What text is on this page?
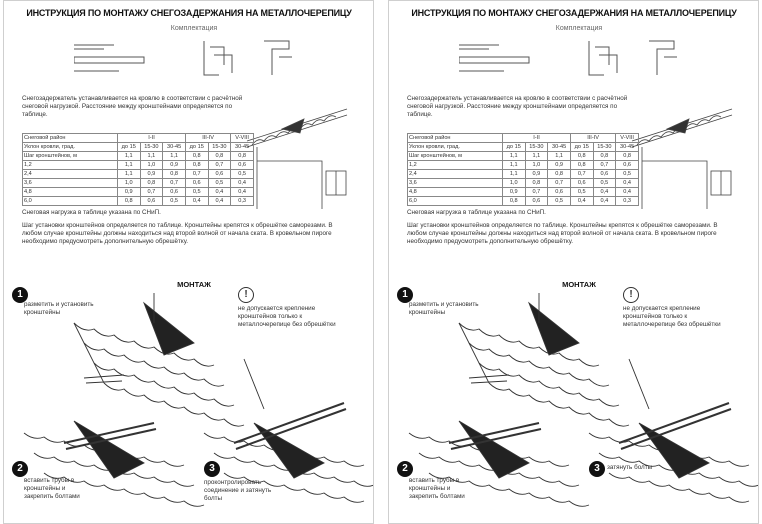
ИНСТРУКЦИЯ ПО МОНТАЖУ СНЕГОЗАДЕРЖАНИЯ НА МЕТАЛЛОЧЕРЕПИЦУ
Комплектация
Снегозадержатель устанавливается на кровлю в соответствии с расчётной снеговой нагрузкой. Расстояние между кронштейнами определяется по таблице.
Снеговой район	I-II			III-IV		V-VIII
Уклон кровли, град.	до 15	15-30	30-45	до 15	15-30	30-45
Шаг кронштейнов, м	1,1	1,1	1,1	0,8	0,8	0,8
1,2	1,1	1,0	0,9	0,8	0,7	0,6
2,4	1,1	0,9	0,8	0,7	0,6	0,5
3,6	1,0	0,8	0,7	0,6	0,5	0,4
4,8	0,9	0,7	0,6	0,5	0,4	0,4
6,0	0,8	0,6	0,5	0,4	0,4	0,3
Снеговая нагрузка в таблице указана по СНиП.
Шаг установки кронштейнов определяется по таблице. Кронштейны крепятся к обрешётке саморезами. В любом случае кронштейны должны находиться над второй волной от начала ската. В кровельном пироге необходимо предусмотреть дополнительную обрешётку.
МОНТАЖ
1
разметить и установить кронштейны
!
не допускается крепление кронштейнов только к металлочерепице без обрешётки
2
вставить трубы в кронштейны и закрепить болтами
3
проконтролировать соединение и затянуть болты
ИНСТРУКЦИЯ ПО МОНТАЖУ СНЕГОЗАДЕРЖАНИЯ НА МЕТАЛЛОЧЕРЕПИЦУ
Комплектация
Снегозадержатель устанавливается на кровлю в соответствии с расчётной снеговой нагрузкой. Расстояние между кронштейнами определяется по таблице.
Снеговой район	I-II			III-IV		V-VIII
Уклон кровли, град.	до 15	15-30	30-45	до 15	15-30	30-45
Шаг кронштейнов, м	1,1	1,1	1,1	0,8	0,8	0,8
1,2	1,1	1,0	0,9	0,8	0,7	0,6
2,4	1,1	0,9	0,8	0,7	0,6	0,5
3,6	1,0	0,8	0,7	0,6	0,5	0,4
4,8	0,9	0,7	0,6	0,5	0,4	0,4
6,0	0,8	0,6	0,5	0,4	0,4	0,3
Снеговая нагрузка в таблице указана по СНиП.
Шаг установки кронштейнов определяется по таблице. Кронштейны крепятся к обрешётке саморезами. В любом случае кронштейны должны находиться над второй волной от начала ската. В кровельном пироге необходимо предусмотреть дополнительную обрешётку.
МОНТАЖ
1
разметить и установить кронштейны
!
не допускается крепление кронштейнов только к металлочерепице без обрешётки
2
вставить трубы в кронштейны и закрепить болтами
3	затянуть болты
